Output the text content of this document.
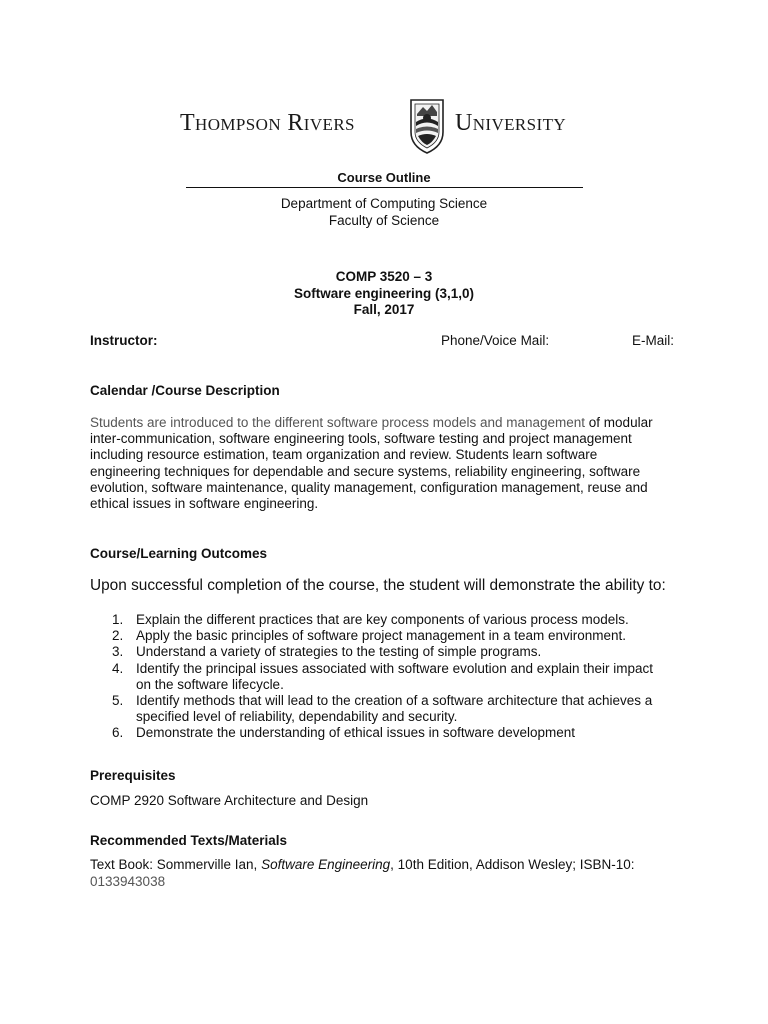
Thompson Rivers	University
Course Outline
Department of Computing Science
Faculty of Science
COMP 3520 – 3
Software engineering (3,1,0)
Fall, 2017
Instructor:	Phone/Voice Mail:	E-Mail:
Calendar /Course Description
Students are introduced to the different software process models and management of modular
inter-communication, software engineering tools, software testing and project management
including resource estimation, team organization and review. Students learn software
engineering techniques for dependable and secure systems, reliability engineering, software
evolution, software maintenance, quality management, configuration management, reuse and
ethical issues in software engineering.
Course/Learning Outcomes
Upon successful completion of the course, the student will demonstrate the ability to:
1. Explain the different practices that are key components of various process models.
2. Apply the basic principles of software project management in a team environment.
3. Understand a variety of strategies to the testing of simple programs.
4. Identify the principal issues associated with software evolution and explain their impact
on the software lifecycle.
5. Identify methods that will lead to the creation of a software architecture that achieves a
specified level of reliability, dependability and security.
6. Demonstrate the understanding of ethical issues in software development
Prerequisites
COMP 2920 Software Architecture and Design
Recommended Texts/Materials
Text Book: Sommerville Ian, Software Engineering, 10th Edition, Addison Wesley; ISBN-10:
0133943038
